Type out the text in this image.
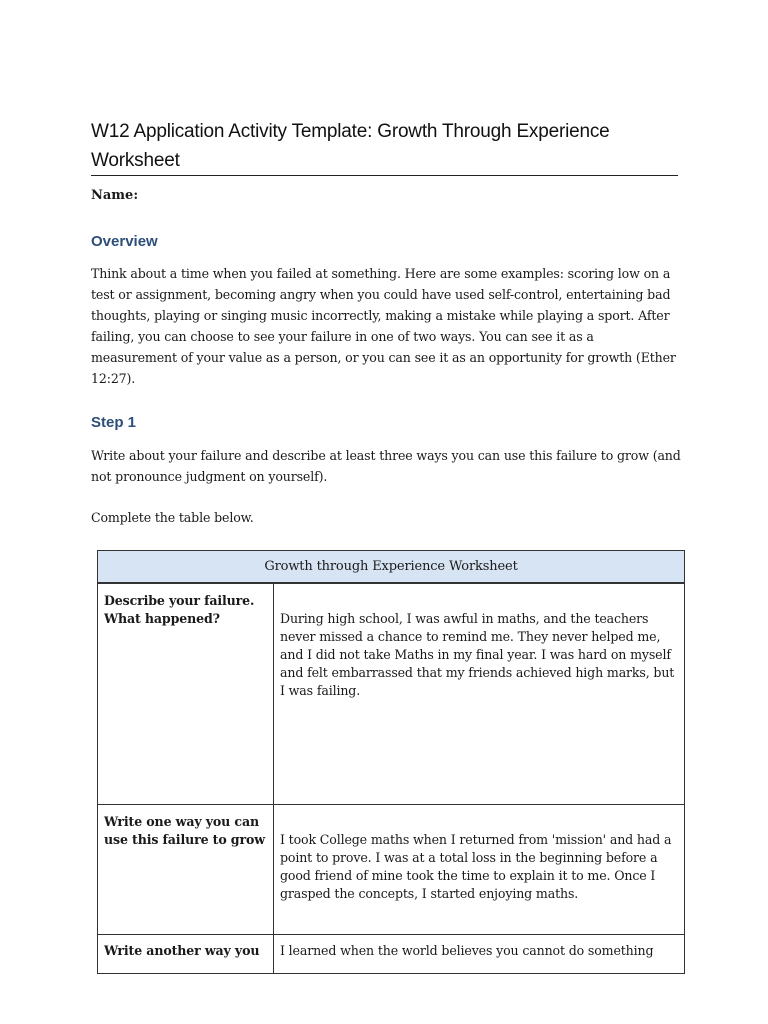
W12 Application Activity Template: Growth Through Experience Worksheet
Name:
Overview
Think about a time when you failed at something. Here are some examples: scoring low on a test or assignment, becoming angry when you could have used self-control, entertaining bad thoughts, playing or singing music incorrectly, making a mistake while playing a sport. After failing, you can choose to see your failure in one of two ways. You can see it as a measurement of your value as a person, or you can see it as an opportunity for growth (Ether 12:27).
Step 1
Write about your failure and describe at least three ways you can use this failure to grow (and not pronounce judgment on yourself).
Complete the table below.
Growth through Experience Worksheet	
Describe your failure. What happened?	During high school, I was awful in maths, and the teachers never missed a chance to remind me. They never helped me, and I did not take Maths in my final year. I was hard on myself and felt embarrassed that my friends achieved high marks, but I was failing.
Write one way you can use this failure to grow	I took College maths when I returned from 'mission' and had a point to prove. I was at a total loss in the beginning before a good friend of mine took the time to explain it to me. Once I grasped the concepts, I started enjoying maths.
Write another way you	I learned when the world believes you cannot do something
